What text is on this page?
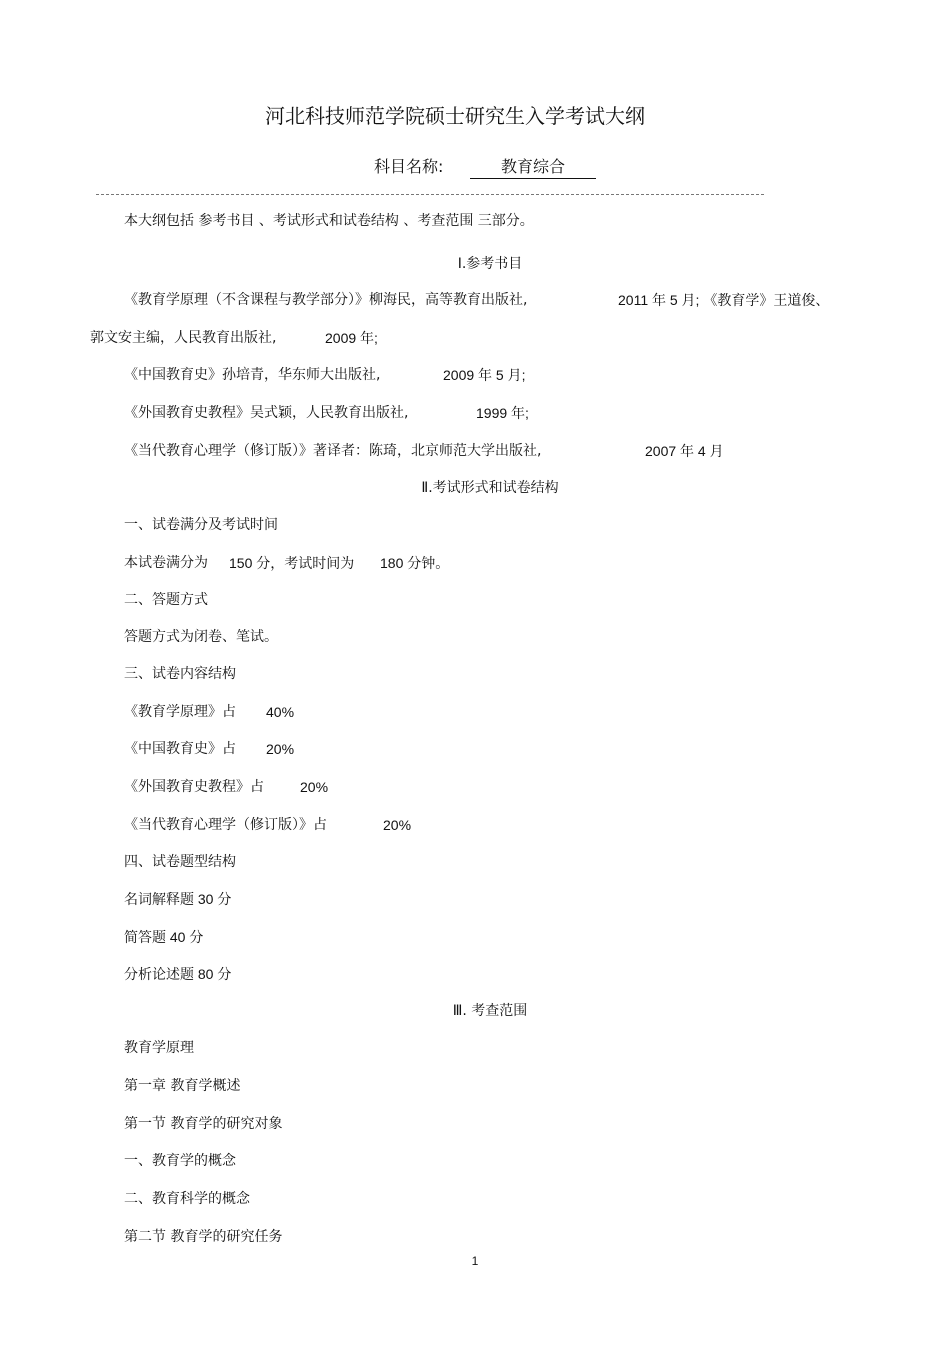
河北科技师范学院硕士研究生入学考试大纲
科目名称:	教育综合
本大纲包括 参考书目 、考试形式和试卷结构 、考查范围 三部分。
Ⅰ.参考书目
《教育学原理（不含课程与教学部分）》柳海民，高等教育出版社,	2011 年 5 月; 《教育学》王道俊、
郭文安主编，人民教育出版社,	2009 年;
《中国教育史》孙培青，华东师大出版社,	2009 年 5 月;
《外国教育史教程》吴式颖，人民教育出版社,	1999 年;
《当代教育心理学（修订版）》著译者：陈琦，北京师范大学出版社,	2007 年 4 月
Ⅱ.考试形式和试卷结构
一、试卷满分及考试时间
本试卷满分为 150 分，考试时间为 180 分钟。
二、答题方式
答题方式为闭卷、笔试。
三、试卷内容结构
《教育学原理》占 40%
《中国教育史》占 20%
《外国教育史教程》占	20%
《当代教育心理学（修订版）》占	20%
四、试卷题型结构
名词解释题 30 分
简答题 40 分
分析论述题 80 分
Ⅲ. 考查范围
教育学原理
第一章 教育学概述
第一节 教育学的研究对象
一、教育学的概念
二、教育科学的概念
第二节 教育学的研究任务
1
